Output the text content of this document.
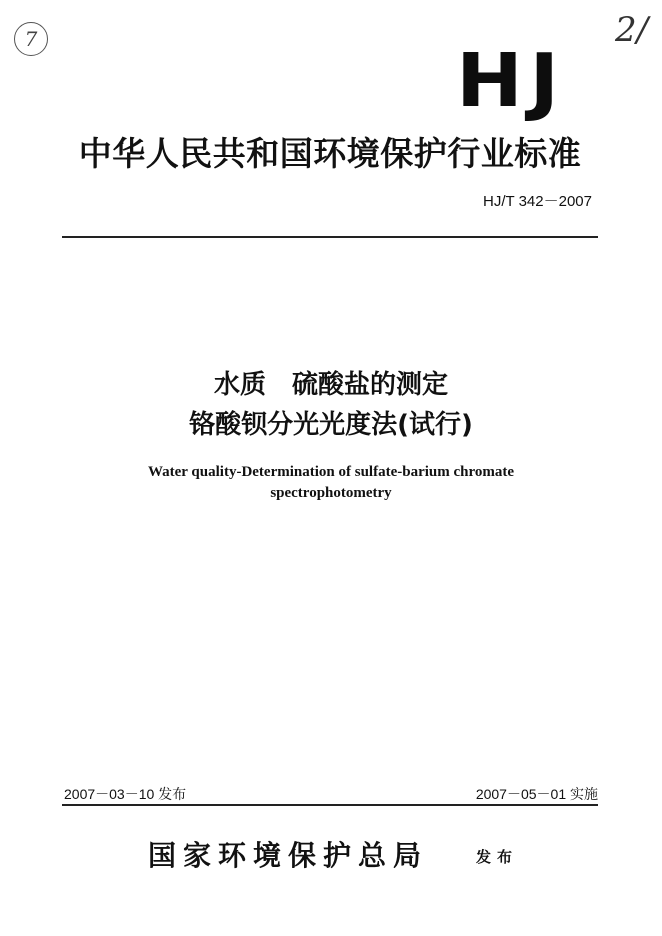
7	2/
HJ
中华人民共和国环境保护行业标准
HJ/T 342－2007
水质　硫酸盐的测定
铬酸钡分光光度法(试行)
Water quality-Determination of sulfate-barium chromate
spectrophotometry
2007－03－10 发布	2007－05－01 实施
国家环境保护总局	发布
